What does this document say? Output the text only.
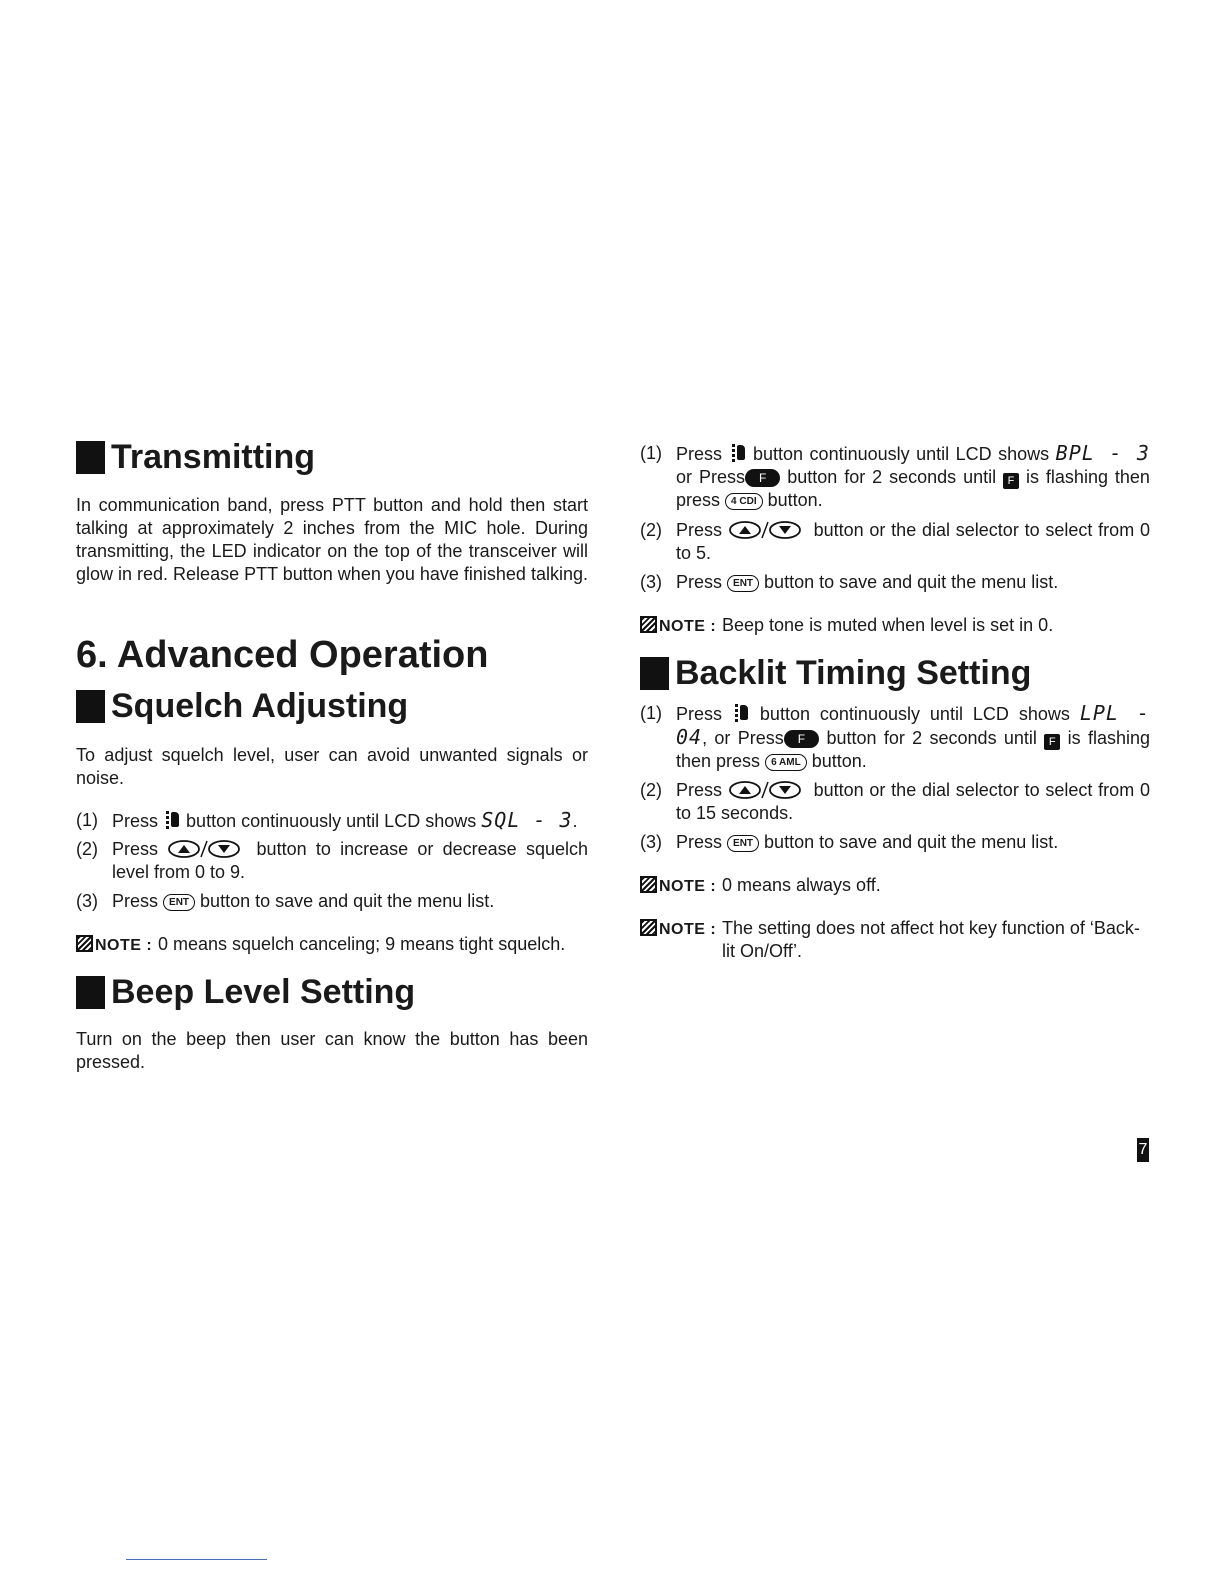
Transmitting
In communication band, press PTT button and hold then start talking at approximately 2 inches from the MIC hole. During transmitting, the LED indicator on the top of the transceiver will glow in red. Release PTT button when you have finished talking.
6. Advanced Operation
Squelch Adjusting
To adjust squelch level, user can avoid unwanted signals or noise.
(1) Press button continuously until LCD shows SQL - 3.
(2) Press	button to increase or decrease squelch level from 0 to 9.
(3) Press ENT button to save and quit the menu list.
NOTE : 0 means squelch canceling; 9 means tight squelch.
Beep Level Setting
Turn on the beep then user can know the button has been pressed.
(1) Press button continuously until LCD shows BPL - 3 or Press F button for 2 seconds until F is flashing then press 4 CDI button.
(2) Press	button or the dial selector to select from 0 to 5.
(3) Press ENT button to save and quit the menu list.
NOTE : Beep tone is muted when level is set in 0.
Backlit Timing Setting
(1) Press button continuously until LCD shows LPL - 04, or Press F button for 2 seconds until F is flashing then press 6 AML button.
(2) Press	button or the dial selector to select from 0 to 15 seconds.
(3) Press ENT button to save and quit the menu list.
NOTE : 0 means always off.
NOTE : The setting does not affect hot key function of ‘Back-lit On/Off’.
7
